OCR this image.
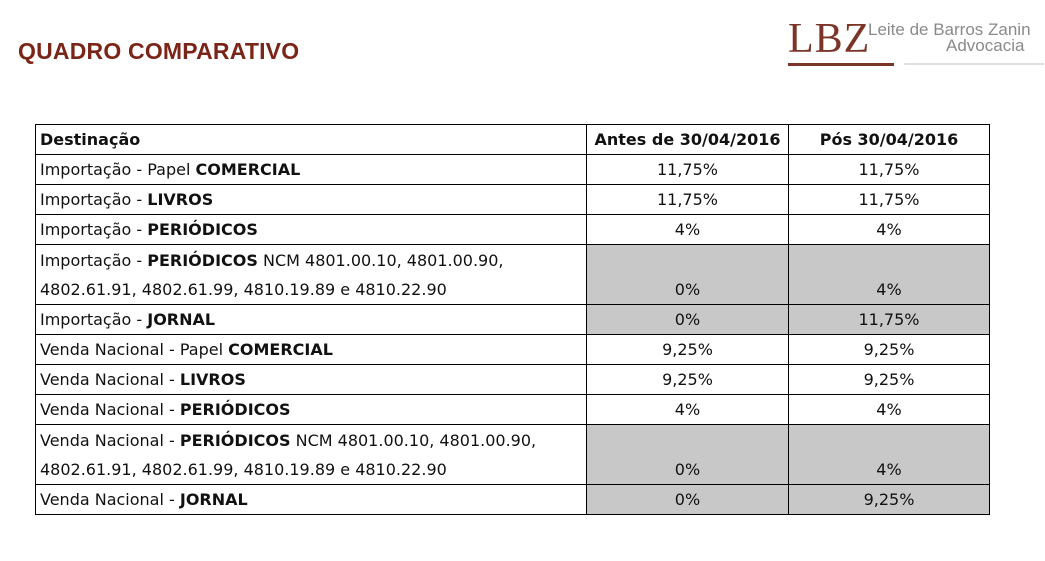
QUADRO COMPARATIVO	LBZ
Leite de Barros Zanin
Advocacia
Destinação	Antes de 30/04/2016	Pós 30/04/2016
Importação - Papel COMERCIAL	11,75%	11,75%
Importação - LIVROS	11,75%	11,75%
Importação - PERIÓDICOS	4%	4%

Importação - PERIÓDICOS NCM 4801.00.10, 4801.00.90,
4802.61.91, 4802.61.99, 4810.19.89 e 4810.22.90	0%	4%
Importação - JORNAL	0%	11,75%
Venda Nacional - Papel COMERCIAL	9,25%	9,25%
Venda Nacional - LIVROS	9,25%	9,25%
Venda Nacional - PERIÓDICOS	4%	4%

Venda Nacional - PERIÓDICOS NCM 4801.00.10, 4801.00.90,
4802.61.91, 4802.61.99, 4810.19.89 e 4810.22.90	0%	4%
Venda Nacional - JORNAL	0%	9,25%
